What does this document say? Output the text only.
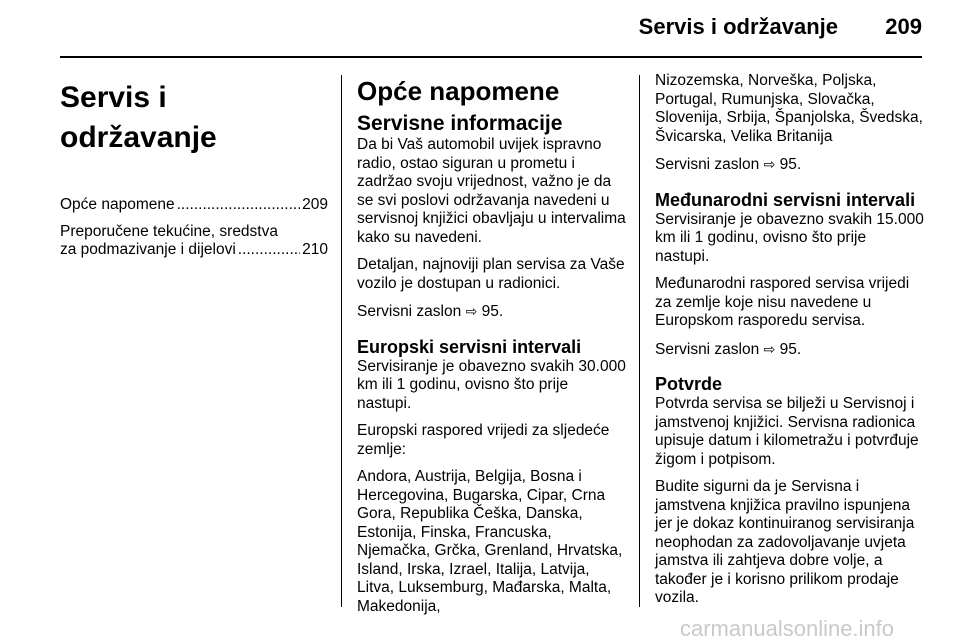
Servis i održavanje 209
Servis i održavanje
Opće napomene .....	209
Preporučene tekućine, sredstva
za podmazivanje i dijelovi .....	210
Opće napomene
Servisne informacije

Da bi Vaš automobil uvijek ispravno radio, ostao siguran u prometu i zadržao svoju vrijednost, važno je da se svi poslovi održavanja navedeni u servisnoj knjižici obavljaju u intervalima kako su navedeni.

Detaljan, najnoviji plan servisa za Vaše vozilo je dostupan u radionici.

Servisni zaslon ⇨ 95.

Europski servisni intervali

Servisiranje je obavezno svakih 30.000 km ili 1 godinu, ovisno što prije nastupi.

Europski raspored vrijedi za sljedeće zemlje:

Andora, Austrija, Belgija, Bosna i Hercegovina, Bugarska, Cipar, Crna Gora, Republika Češka, Danska, Estonija, Finska, Francuska, Njemačka, Grčka, Grenland, Hrvatska, Island, Irska, Izrael, Italija, Latvija, Litva, Luksemburg, Mađarska, Malta, Makedonija,

Nizozemska, Norveška, Poljska, Portugal, Rumunjska, Slovačka, Slovenija, Srbija, Španjolska, Švedska, Švicarska, Velika Britanija

Servisni zaslon ⇨ 95.

Međunarodni servisni intervali

Servisiranje je obavezno svakih 15.000 km ili 1 godinu, ovisno što prije nastupi.

Međunarodni raspored servisa vrijedi za zemlje koje nisu navedene u Europskom rasporedu servisa.

Servisni zaslon ⇨ 95.

Potvrde

Potvrda servisa se bilježi u Servisnoj i jamstvenoj knjižici. Servisna radionica upisuje datum i kilometražu i potvrđuje žigom i potpisom.

Budite sigurni da je Servisna i jamstvena knjižica pravilno ispunjena jer je dokaz kontinuiranog servisiranja neophodan za zadovoljavanje uvjeta jamstva ili zahtjeva dobre volje, a također je i korisno prilikom prodaje vozila.

carmanualsonline.info
